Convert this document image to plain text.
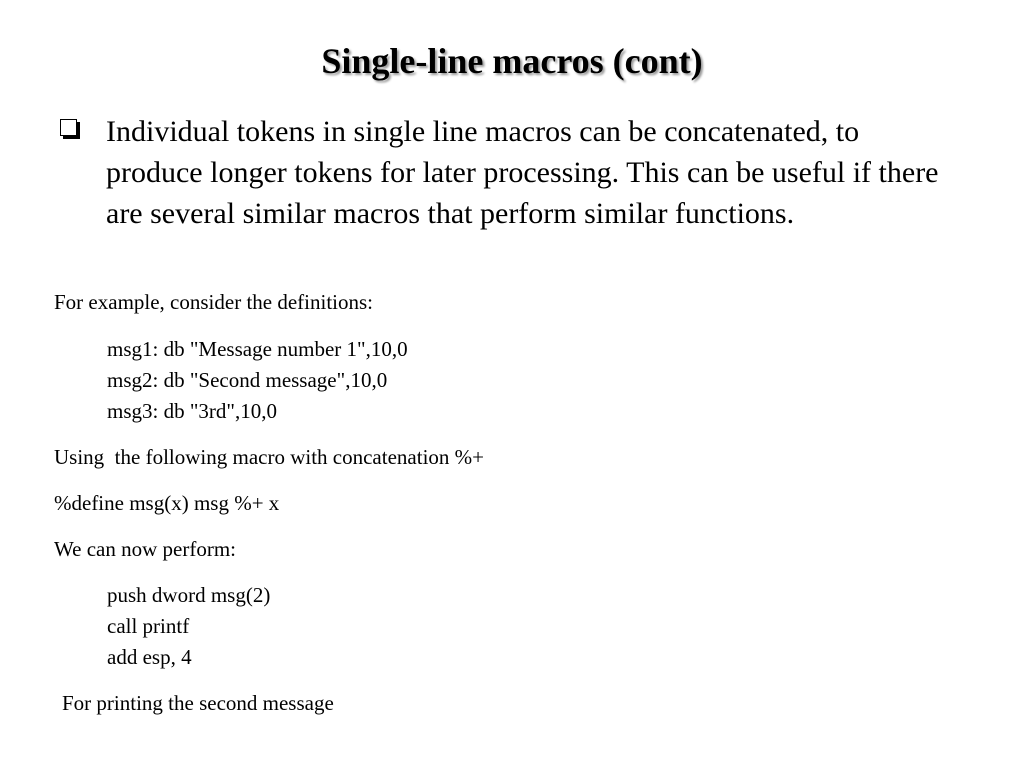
Single-line macros (cont)
Individual tokens in single line macros can be concatenated, to produce longer tokens for later processing. This can be useful if there are several similar macros that perform similar functions.
For example, consider the definitions:
msg1: db "Message number 1",10,0
msg2: db "Second message",10,0
msg3: db "3rd",10,0
Using  the following macro with concatenation %+
%define msg(x) msg %+ x
We can now perform:
push dword msg(2)
call printf
add esp, 4
For printing the second message
